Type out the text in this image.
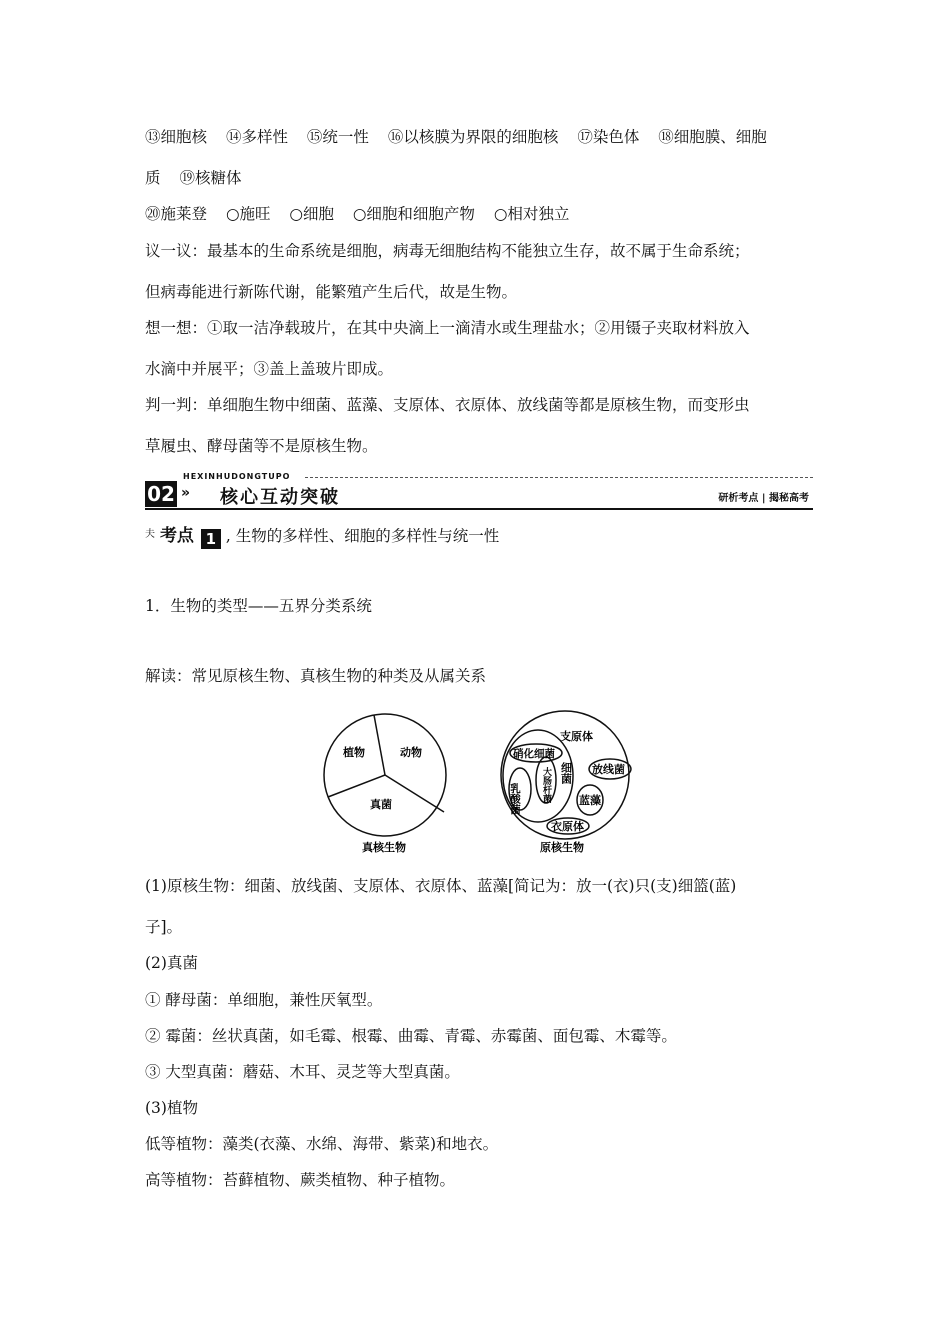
⑬细胞核 ⑭多样性 ⑮统一性 ⑯以核膜为界限的细胞核 ⑰染色体 ⑱细胞膜、细胞
质 ⑲核糖体
⑳施莱登 ○施旺 ○细胞 ○细胞和细胞产物 ○相对独立
议一议：最基本的生命系统是细胞，病毒无细胞结构不能独立生存，故不属于生命系统；
但病毒能进行新陈代谢，能繁殖产生后代，故是生物。
想一想：①取一洁净载玻片，在其中央滴上一滴清水或生理盐水；②用镊子夹取材料放入
水滴中并展平；③盖上盖玻片即成。
判一判：单细胞生物中细菌、蓝藻、支原体、衣原体、放线菌等都是原核生物，而变形虫
草履虫、酵母菌等不是原核生物。
02
HEXINHUDONGTUPO
» 核心互动突破	研析考点 | 揭秘高考
$^夫$ 考点 1 , 生物的多样性、细胞的多样性与统一性
1．生物的类型——五界分类系统
解读：常见原核生物、真核生物的种类及从属关系
植物	动物
真菌
真核生物
支原体
硝化细菌
乳酸菌 大肠杆菌 细菌 放线菌
蓝藻
衣原体
原核生物
(1)原核生物：细菌、放线菌、支原体、衣原体、蓝藻[简记为：放一(衣)只(支)细篮(蓝)
子]。
(2)真菌
① 酵母菌：单细胞，兼性厌氧型。
② 霉菌：丝状真菌，如毛霉、根霉、曲霉、青霉、赤霉菌、面包霉、木霉等。
③ 大型真菌：蘑菇、木耳、灵芝等大型真菌。
(3)植物
低等植物：藻类(衣藻、水绵、海带、紫菜)和地衣。
高等植物：苔藓植物、蕨类植物、种子植物。
